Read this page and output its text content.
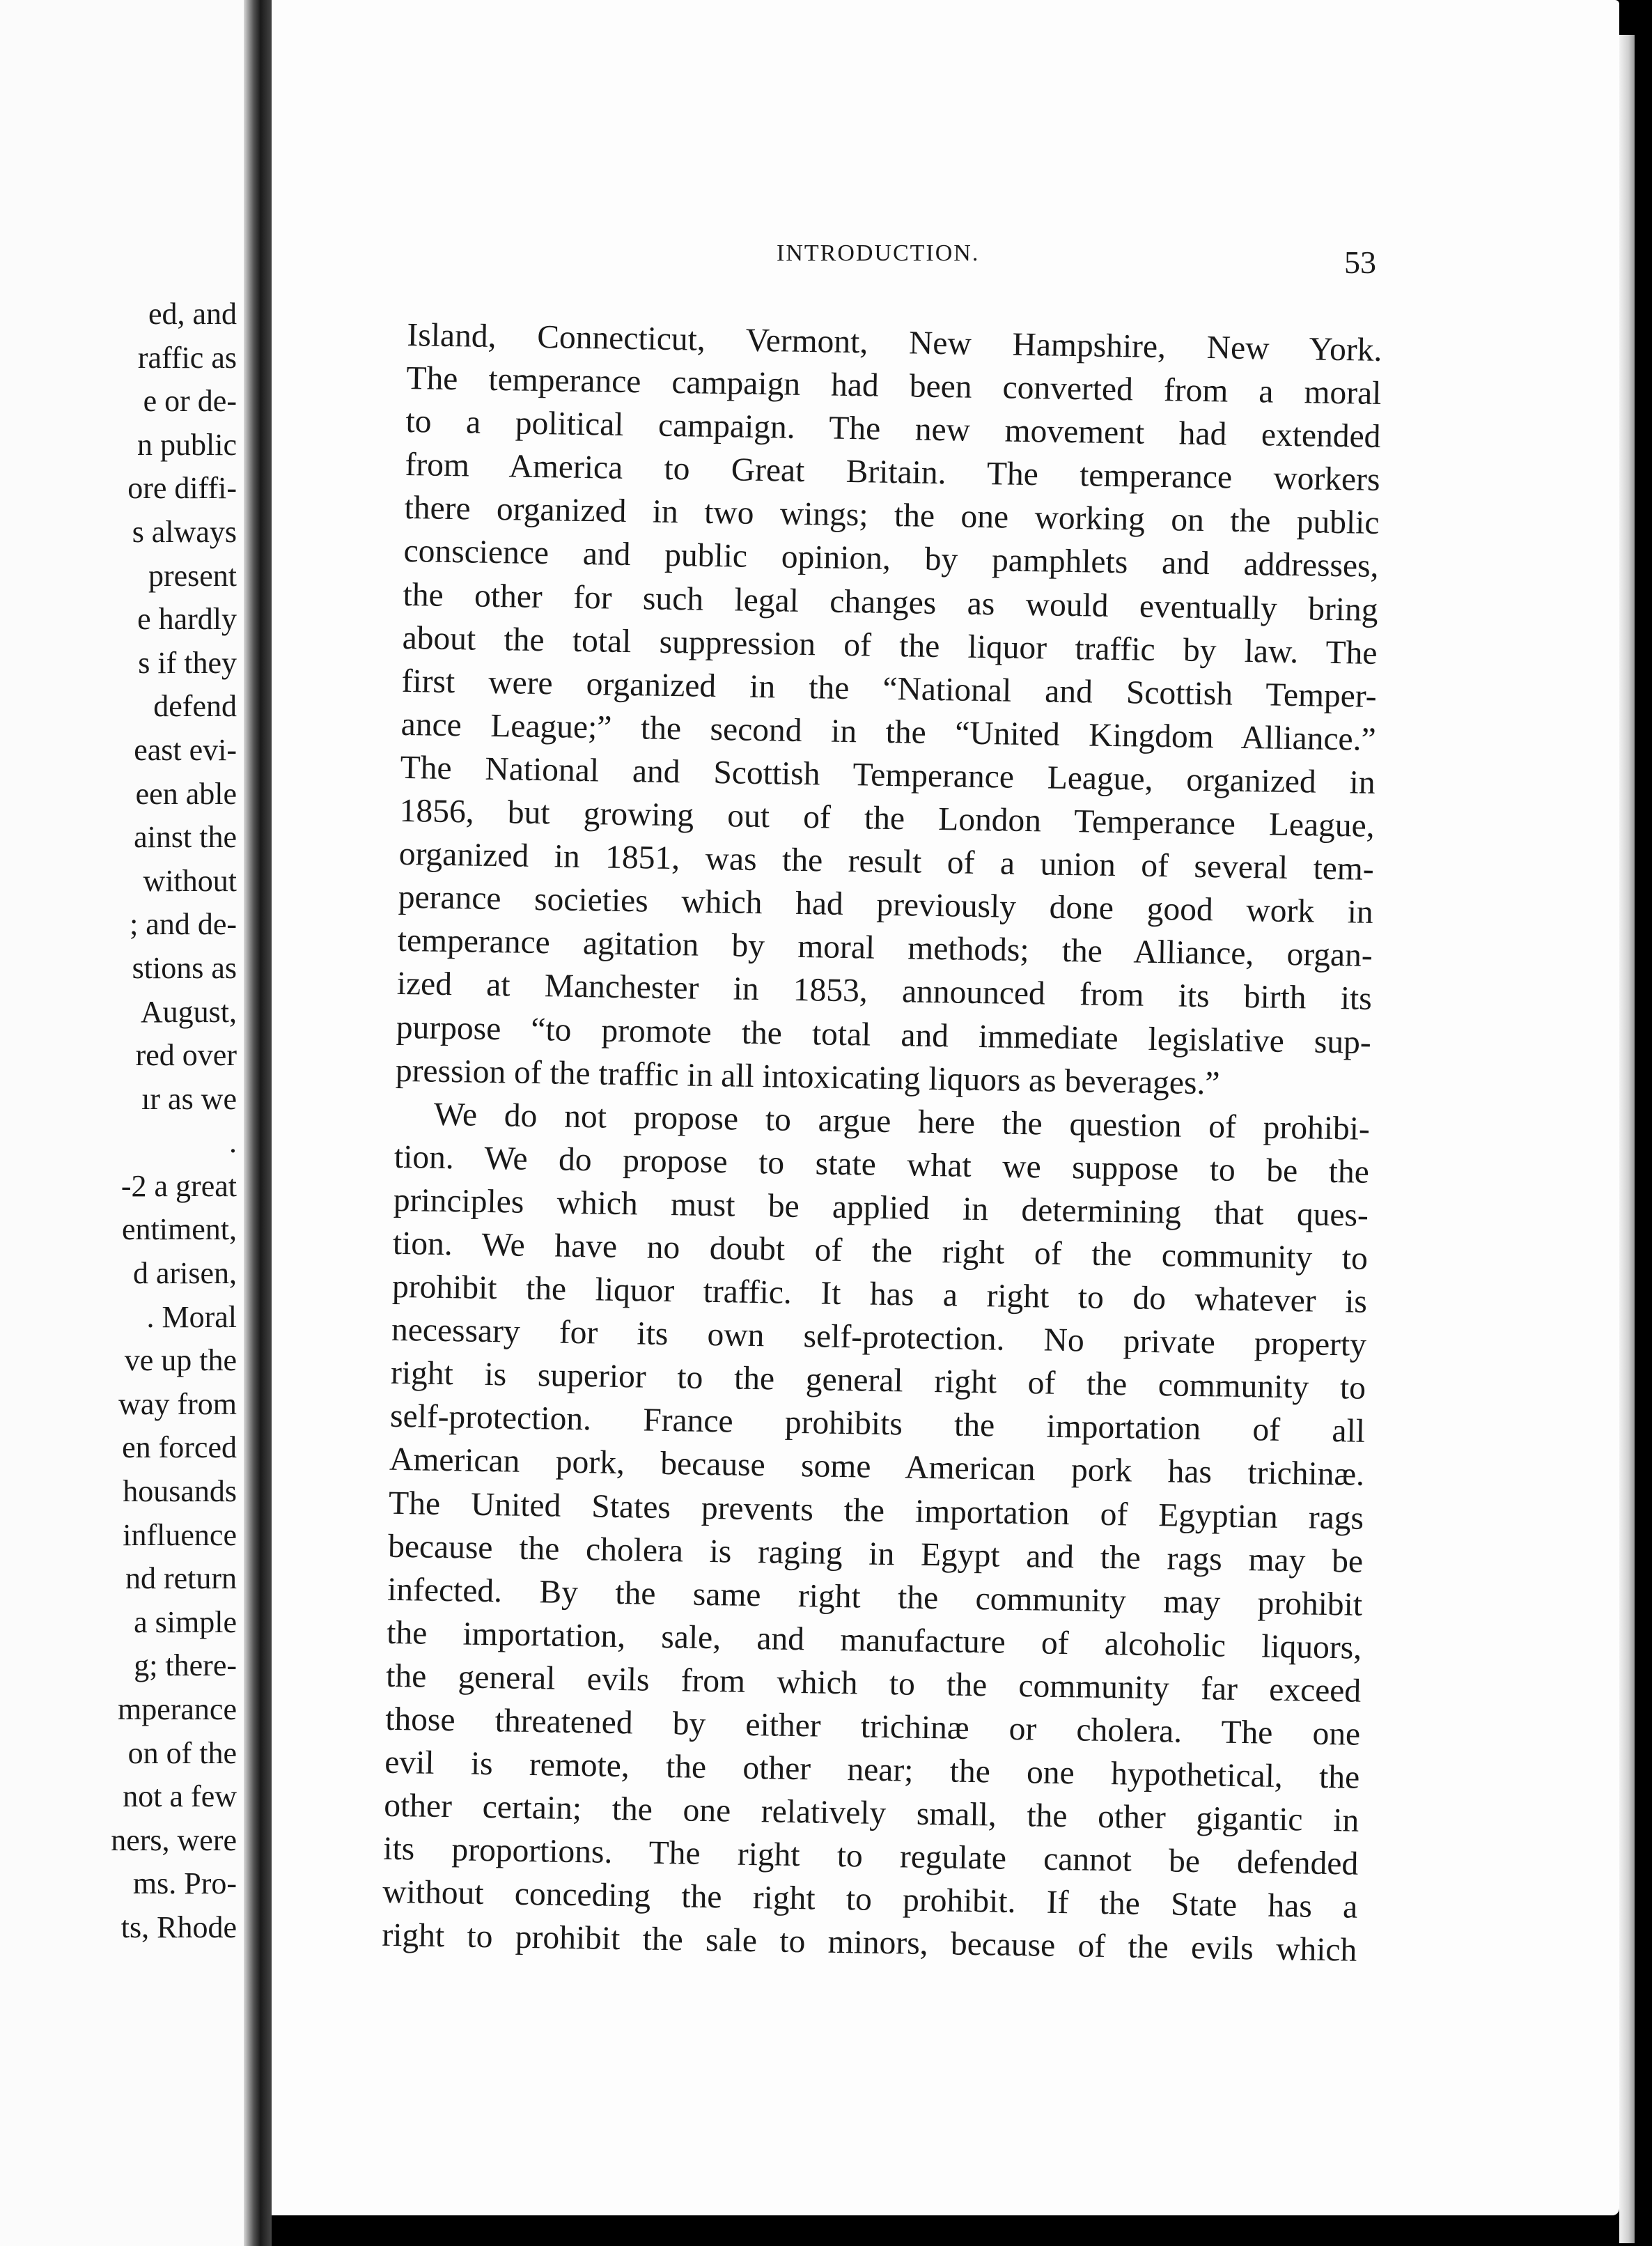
ed, and
raffic as
e or de-
n public
ore diffi-
s always
present
e hardly
s if they
defend
east evi-
een able
ainst the
without
; and de-
stions as
August,
red over
ır as we
.
-2 a great
entiment,
d arisen,
. Moral
ve up the
way from
en forced
housands
influence
nd return
a simple
g; there-
mperance
on of the
not a few
ners, were
ms. Pro-
ts, Rhode
INTRODUCTION.	53
Island, Connecticut, Vermont, New Hampshire, New York.
The temperance campaign had been converted from a moral
to a political campaign. The new movement had extended
from America to Great Britain. The temperance workers
there organized in two wings; the one working on the public
conscience and public opinion, by pamphlets and addresses,
the other for such legal changes as would eventually bring
about the total suppression of the liquor traffic by law. The
first were organized in the “National and Scottish Temper-
ance League;” the second in the “United Kingdom Alliance.”
The National and Scottish Temperance League, organized in
1856, but growing out of the London Temperance League,
organized in 1851, was the result of a union of several tem-
perance societies which had previously done good work in
temperance agitation by moral methods; the Alliance, organ-
ized at Manchester in 1853, announced from its birth its
purpose “to promote the total and immediate legislative sup-
pression of the traffic in all intoxicating liquors as beverages.”
We do not propose to argue here the question of prohibi-
tion. We do propose to state what we suppose to be the
principles which must be applied in determining that ques-
tion. We have no doubt of the right of the community to
prohibit the liquor traffic. It has a right to do whatever is
necessary for its own self-protection. No private property
right is superior to the general right of the community to
self-protection. France prohibits the importation of all
American pork, because some American pork has trichinæ.
The United States prevents the importation of Egyptian rags
because the cholera is raging in Egypt and the rags may be
infected. By the same right the community may prohibit
the importation, sale, and manufacture of alcoholic liquors,
the general evils from which to the community far exceed
those threatened by either trichinæ or cholera. The one
evil is remote, the other near; the one hypothetical, the
other certain; the one relatively small, the other gigantic in
its proportions. The right to regulate cannot be defended
without conceding the right to prohibit. If the State has a
right to prohibit the sale to minors, because of the evils which
